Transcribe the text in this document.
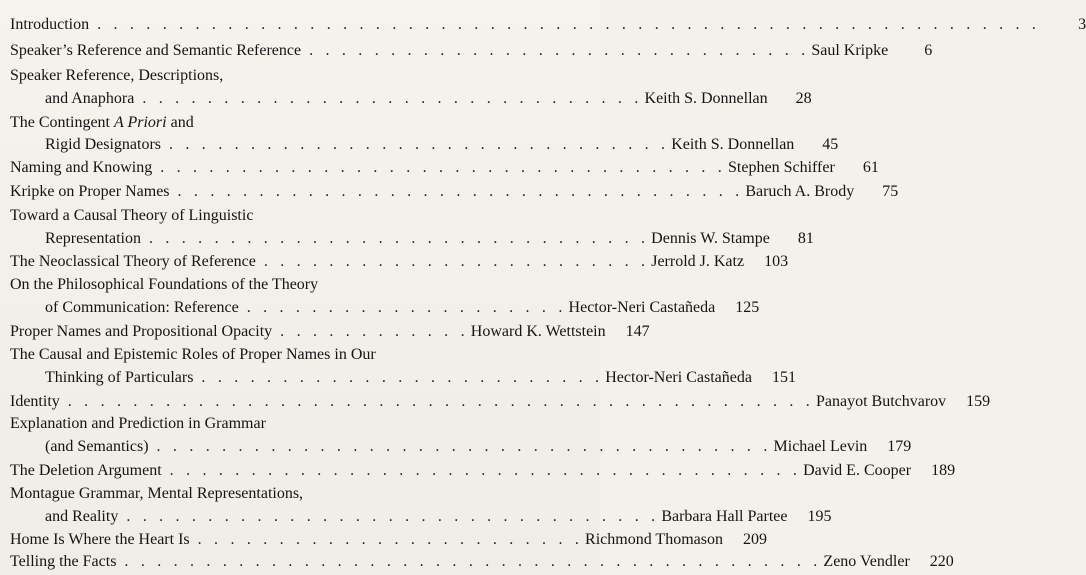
Introduction . . . . . . . . . . . . . . . . . . . . . . . . . . . . . . . . . . . . . . . . . . . . . . . . . . . . . . . . . .	3
Speaker’s Reference and Semantic Reference . . . . . . . . . . . . . . . . . . . . . . . . . . . . . . . Saul Kripke	6
Speaker Reference, Descriptions,
and Anaphora . . . . . . . . . . . . . . . . . . . . . . . . . . . . . . . Keith S. Donnellan	28
The Contingent A Priori and
Rigid Designators . . . . . . . . . . . . . . . . . . . . . . . . . . . . . . . Keith S. Donnellan	45
Naming and Knowing . . . . . . . . . . . . . . . . . . . . . . . . . . . . . . . . . . . Stephen Schiffer	61
Kripke on Proper Names . . . . . . . . . . . . . . . . . . . . . . . . . . . . . . . . . . . Baruch A. Brody	75
Toward a Causal Theory of Linguistic
Representation . . . . . . . . . . . . . . . . . . . . . . . . . . . . . . . Dennis W. Stampe	81
The Neoclassical Theory of Reference . . . . . . . . . . . . . . . . . . . . . . . . Jerrold J. Katz	103
On the Philosophical Foundations of the Theory
of Communication: Reference . . . . . . . . . . . . . . . . . . . . Hector-Neri Castañeda	125
Proper Names and Propositional Opacity . . . . . . . . . . . . Howard K. Wettstein	147
The Causal and Epistemic Roles of Proper Names in Our
Thinking of Particulars . . . . . . . . . . . . . . . . . . . . . . . . . Hector-Neri Castañeda	151
Identity . . . . . . . . . . . . . . . . . . . . . . . . . . . . . . . . . . . . . . . . . . . . . . Panayot Butchvarov	159
Explanation and Prediction in Grammar
(and Semantics) . . . . . . . . . . . . . . . . . . . . . . . . . . . . . . . . . . . . . . Michael Levin	179
The Deletion Argument . . . . . . . . . . . . . . . . . . . . . . . . . . . . . . . . . . . . . . . David E. Cooper	189
Montague Grammar, Mental Representations,
and Reality . . . . . . . . . . . . . . . . . . . . . . . . . . . . . . . . . Barbara Hall Partee	195
Home Is Where the Heart Is . . . . . . . . . . . . . . . . . . . . . . . . Richmond Thomason	209
Telling the Facts . . . . . . . . . . . . . . . . . . . . . . . . . . . . . . . . . . . . . . . . . . . Zeno Vendler	220
